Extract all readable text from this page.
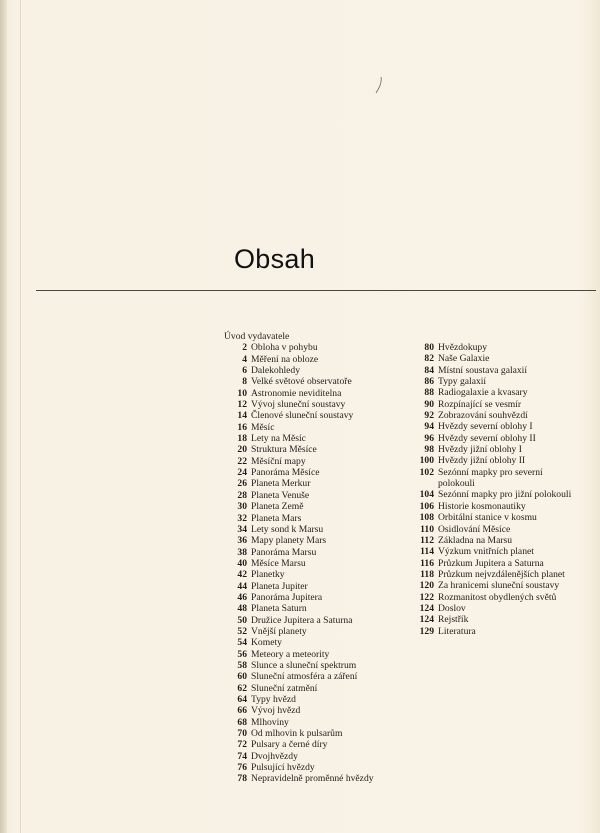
Obsah
Úvod vydavatele
2 Obloha v pohybu
4 Měření na obloze
6 Dalekohledy
8 Velké světové observatoře
10 Astronomie neviditelna
12 Vývoj sluneční soustavy
14 Členové sluneční soustavy
16 Měsíc
18 Lety na Měsíc
20 Struktura Měsíce
22 Měsíční mapy
24 Panoráma Měsíce
26 Planeta Merkur
28 Planeta Venuše
30 Planeta Země
32 Planeta Mars
34 Lety sond k Marsu
36 Mapy planety Mars
38 Panoráma Marsu
40 Měsíce Marsu
42 Planetky
44 Planeta Jupiter
46 Panoráma Jupitera
48 Planeta Saturn
50 Družice Jupitera a Saturna
52 Vnější planety
54 Komety
56 Meteory a meteority
58 Slunce a sluneční spektrum
60 Sluneční atmosféra a záření
62 Sluneční zatmění
64 Typy hvězd
66 Vývoj hvězd
68 Mlhoviny
70 Od mlhovin k pulsarům
72 Pulsary a černé díry
74 Dvojhvězdy
76 Pulsující hvězdy
78 Nepravidelně proměnné hvězdy
80 Hvězdokupy
82 Naše Galaxie
84 Místní soustava galaxií
86 Typy galaxií
88 Radiogalaxie a kvasary
90 Rozpínající se vesmír
92 Zobrazování souhvězdí
94 Hvězdy severní oblohy I
96 Hvězdy severní oblohy II
98 Hvězdy jižní oblohy I
100 Hvězdy jižní oblohy II
102 Sezónní mapky pro severní
polokouli
104 Sezónní mapky pro jižní polokouli
106 Historie kosmonautiky
108 Orbitální stanice v kosmu
110 Osidlování Měsíce
112 Základna na Marsu
114 Výzkum vnitřních planet
116 Průzkum Jupitera a Saturna
118 Průzkum nejvzdálenějších planet
120 Za hranicemi sluneční soustavy
122 Rozmanitost obydlených světů
124 Doslov
124 Rejstřík
129 Literatura
